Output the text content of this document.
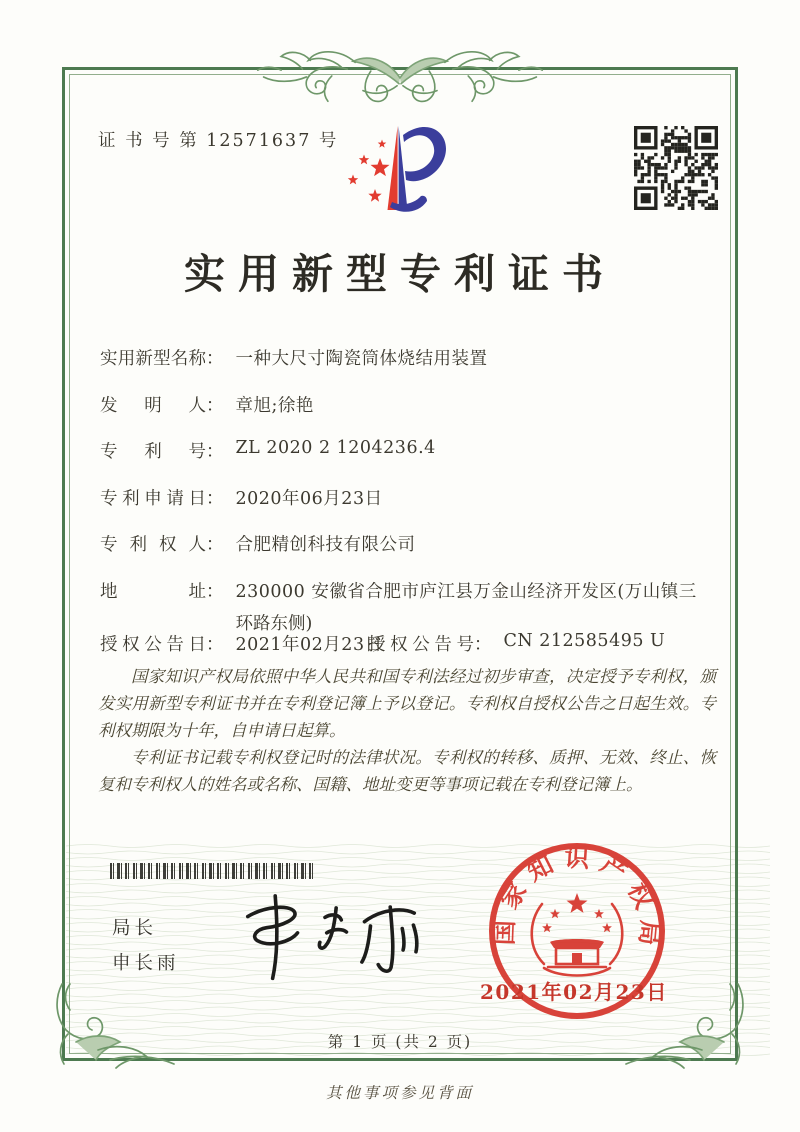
证 书 号 第 12571637 号
实用新型专利证书
实用新型名称 ： 一种大尺寸陶瓷筒体烧结用装置
发明人 ： 章旭;徐艳
专利号 ： ZL 2020 2 1204236.4
专利申请日 ： 2020年06月23日
专利权人 ： 合肥精创科技有限公司
地址 ： 230000 安徽省合肥市庐江县万金山经济开发区(万山镇三
环路东侧)
授权公告日 ： 2021年02月23日
授权公告号 ： CN 212585495 U

国家知识产权局依照中华人民共和国专利法经过初步审查，决定授予专利权，颁发实用新型专利证书并在专利登记簿上予以登记。专利权自授权公告之日起生效。专利权期限为十年，自申请日起算。

专利证书记载专利权登记时的法律状况。专利权的转移、质押、无效、终止、恢复和专利权人的姓名或名称、国籍、地址变更等事项记载在专利登记簿上。

局长
申长雨
国家知识产权局
2021年02月23日
第 1 页 (共 2 页)
其他事项参见背面
